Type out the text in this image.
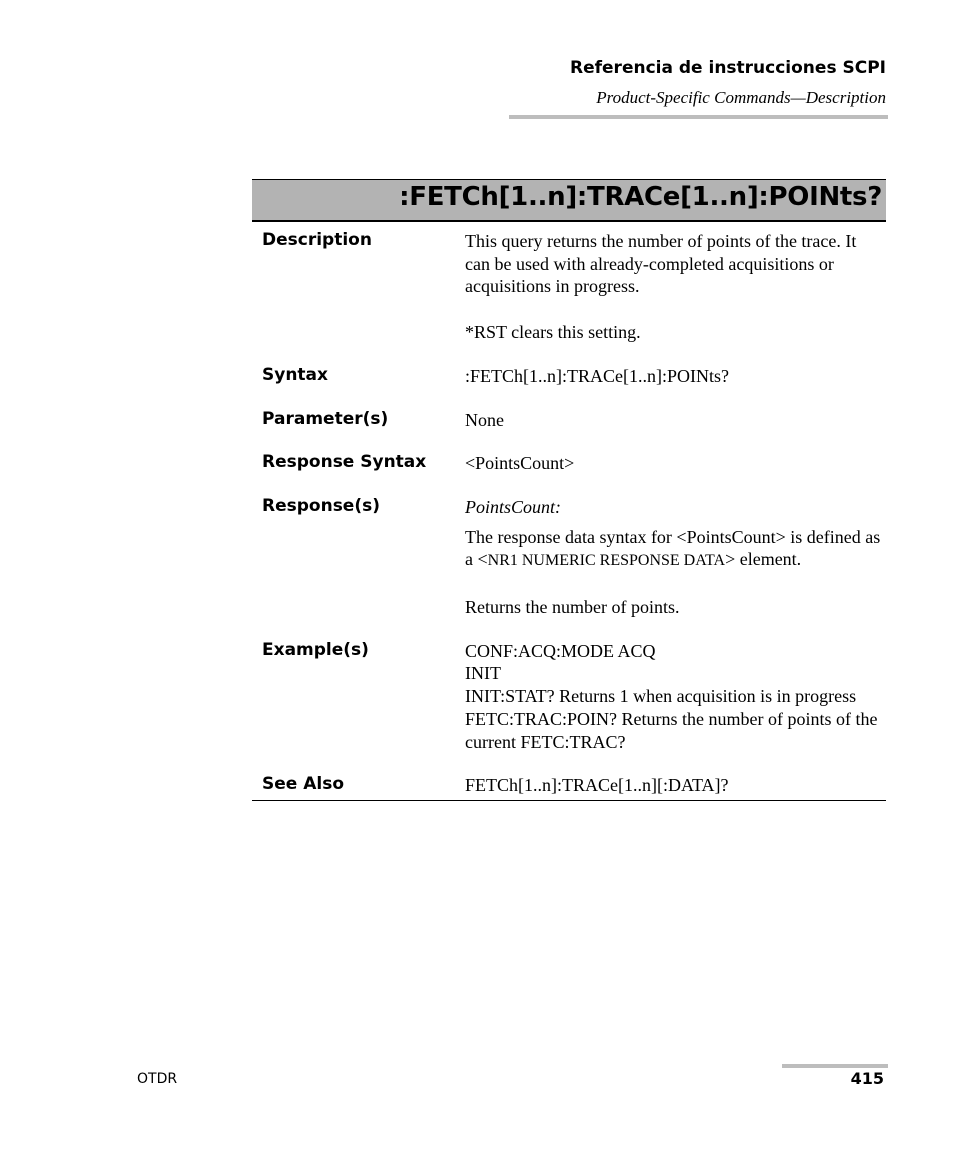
Referencia de instrucciones SCPI
Product-Specific Commands—Description
:FETCh[1..n]:TRACe[1..n]:POINts?
Description	This query returns the number of points of the trace. It can be used with already-completed acquisitions or acquisitions in progress.

*RST clears this setting.

Syntax	:FETCh[1..n]:TRACe[1..n]:POINts?

Parameter(s)	None

Response Syntax <PointsCount>

Response(s)	PointsCount:

The response data syntax for <PointsCount> is defined as a <NR1 NUMERIC RESPONSE DATA> element.

Returns the number of points.

Example(s)	CONF:ACQ:MODE ACQ

INIT

INIT:STAT? Returns 1 when acquisition is in progress

FETC:TRAC:POIN? Returns the number of points of the current FETC:TRAC?

See Also	FETCh[1..n]:TRACe[1..n][:DATA]?

OTDR	415
